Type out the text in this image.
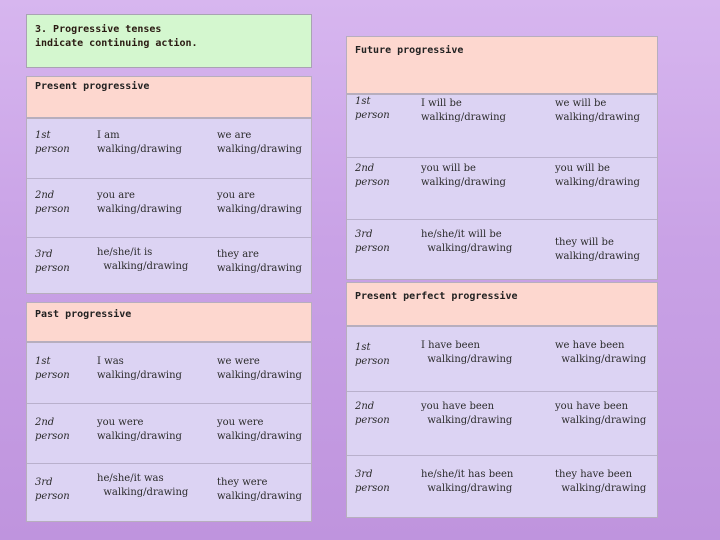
3. Progressive tenses
indicate continuing action.
Present progressive
1st
person
I am
walking/drawing
we are
walking/drawing
2nd
person
you are
walking/drawing
you are
walking/drawing
3rd
person
he/she/it is
walking/drawing
they are
walking/drawing
Past progressive
1st
person
I was
walking/drawing
we were
walking/drawing
2nd
person
you were
walking/drawing
you were
walking/drawing
3rd
person
he/she/it was
walking/drawing
they were
walking/drawing
Future progressive
1st
person
I will be
walking/drawing
we will be
walking/drawing
2nd
person
you will be
walking/drawing
you will be
walking/drawing
3rd
person
he/she/it will be
walking/drawing
they will be
walking/drawing
Present perfect progressive
1st
person
I have been
walking/drawing
we have been
walking/drawing
2nd
person
you have been
walking/drawing
you have been
walking/drawing
3rd
person
he/she/it has been
walking/drawing
they have been
walking/drawing
